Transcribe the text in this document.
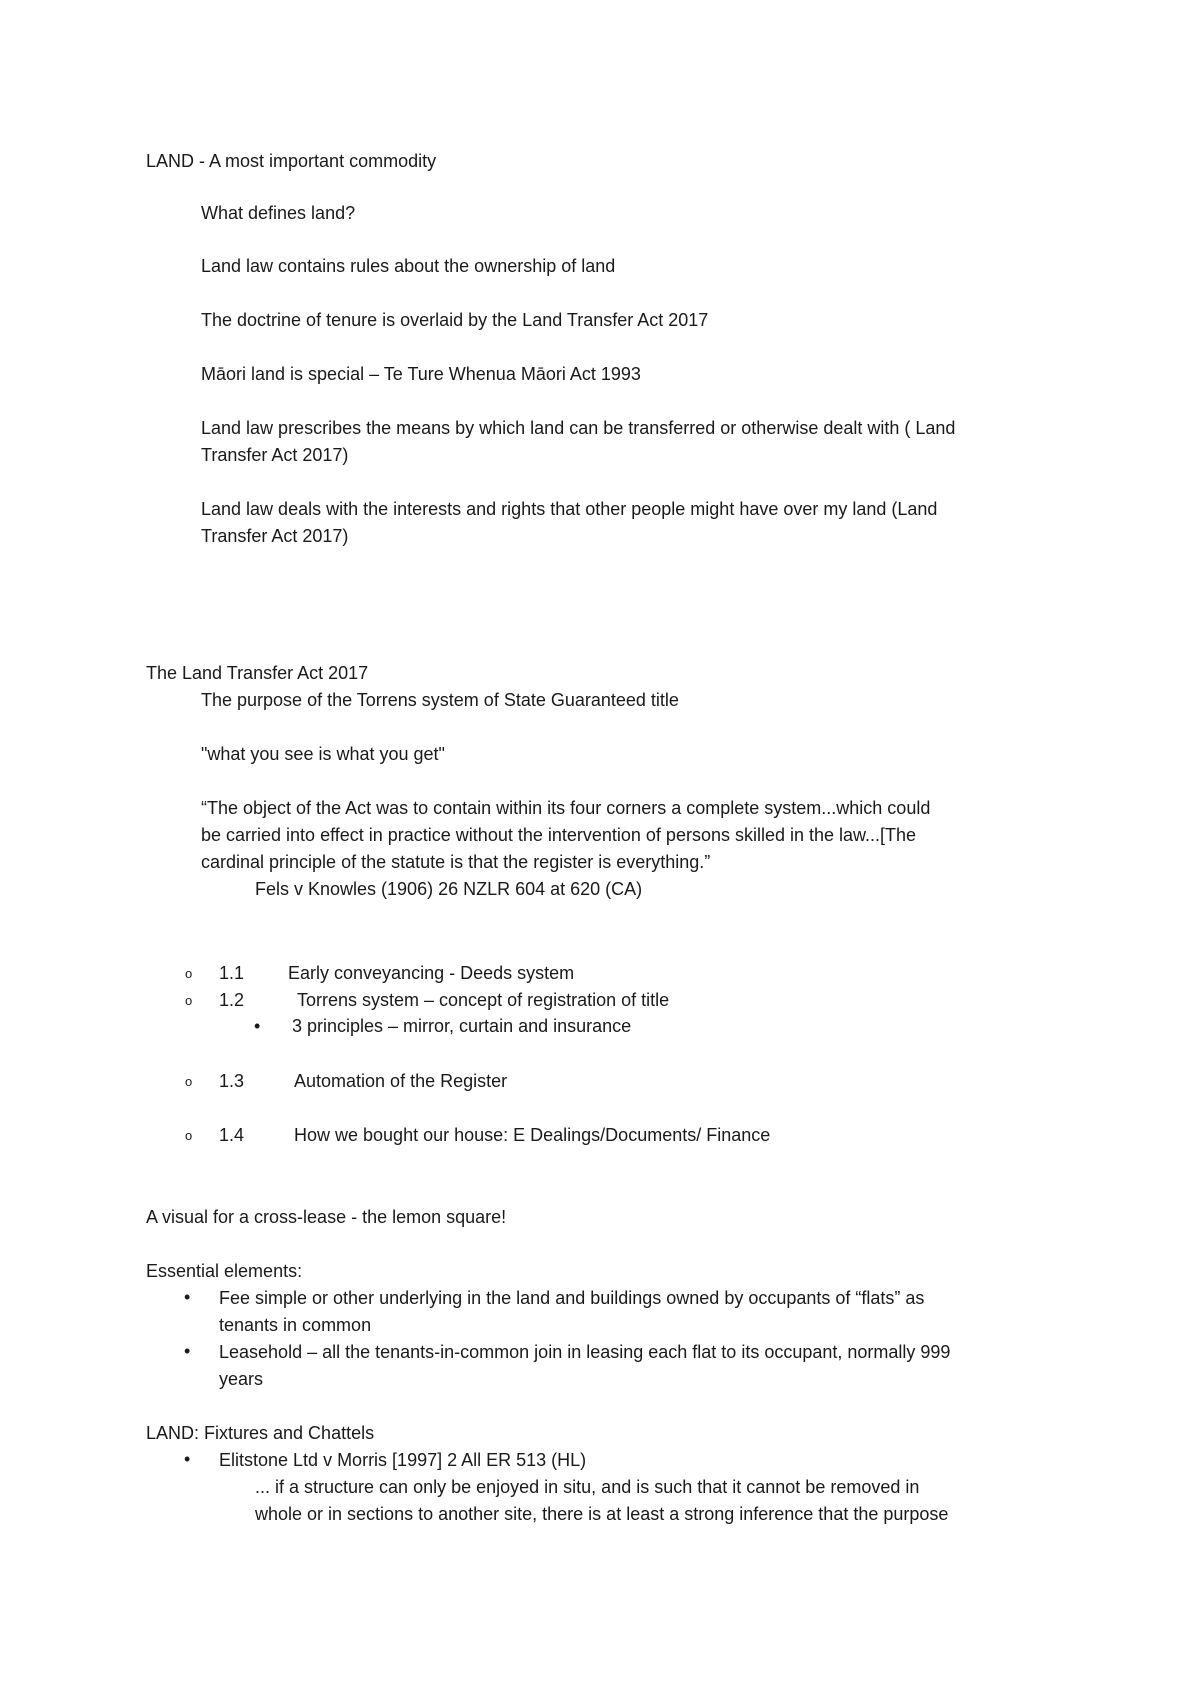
LAND - A most important commodity
What defines land?
Land law contains rules about the ownership of land
The doctrine of tenure is overlaid by the Land Transfer Act 2017
Māori land is special – Te Ture Whenua Māori Act 1993
Land law prescribes the means by which land can be transferred or otherwise dealt with ( Land
Transfer Act 2017)
Land law deals with the interests and rights that other people might have over my land (Land
Transfer Act 2017)
The Land Transfer Act 2017
The purpose of the Torrens system of State Guaranteed title
"what you see is what you get"
“The object of the Act was to contain within its four corners a complete system...which could
be carried into effect in practice without the intervention of persons skilled in the law...[The
cardinal principle of the statute is that the register is everything.”
Fels v Knowles (1906) 26 NZLR 604 at 620 (CA)
o 1.1 Early conveyancing - Deeds system
o 1.2	Torrens system – concept of registration of title
• 3 principles – mirror, curtain and insurance
o 1.3	Automation of the Register
o 1.4	How we bought our house: E Dealings/Documents/ Finance
A visual for a cross-lease - the lemon square!
Essential elements:
• Fee simple or other underlying in the land and buildings owned by occupants of “flats” as
tenants in common
• Leasehold – all the tenants-in-common join in leasing each flat to its occupant, normally 999
years
LAND: Fixtures and Chattels
• Elitstone Ltd v Morris [1997] 2 All ER 513 (HL)
... if a structure can only be enjoyed in situ, and is such that it cannot be removed in
whole or in sections to another site, there is at least a strong inference that the purpose
